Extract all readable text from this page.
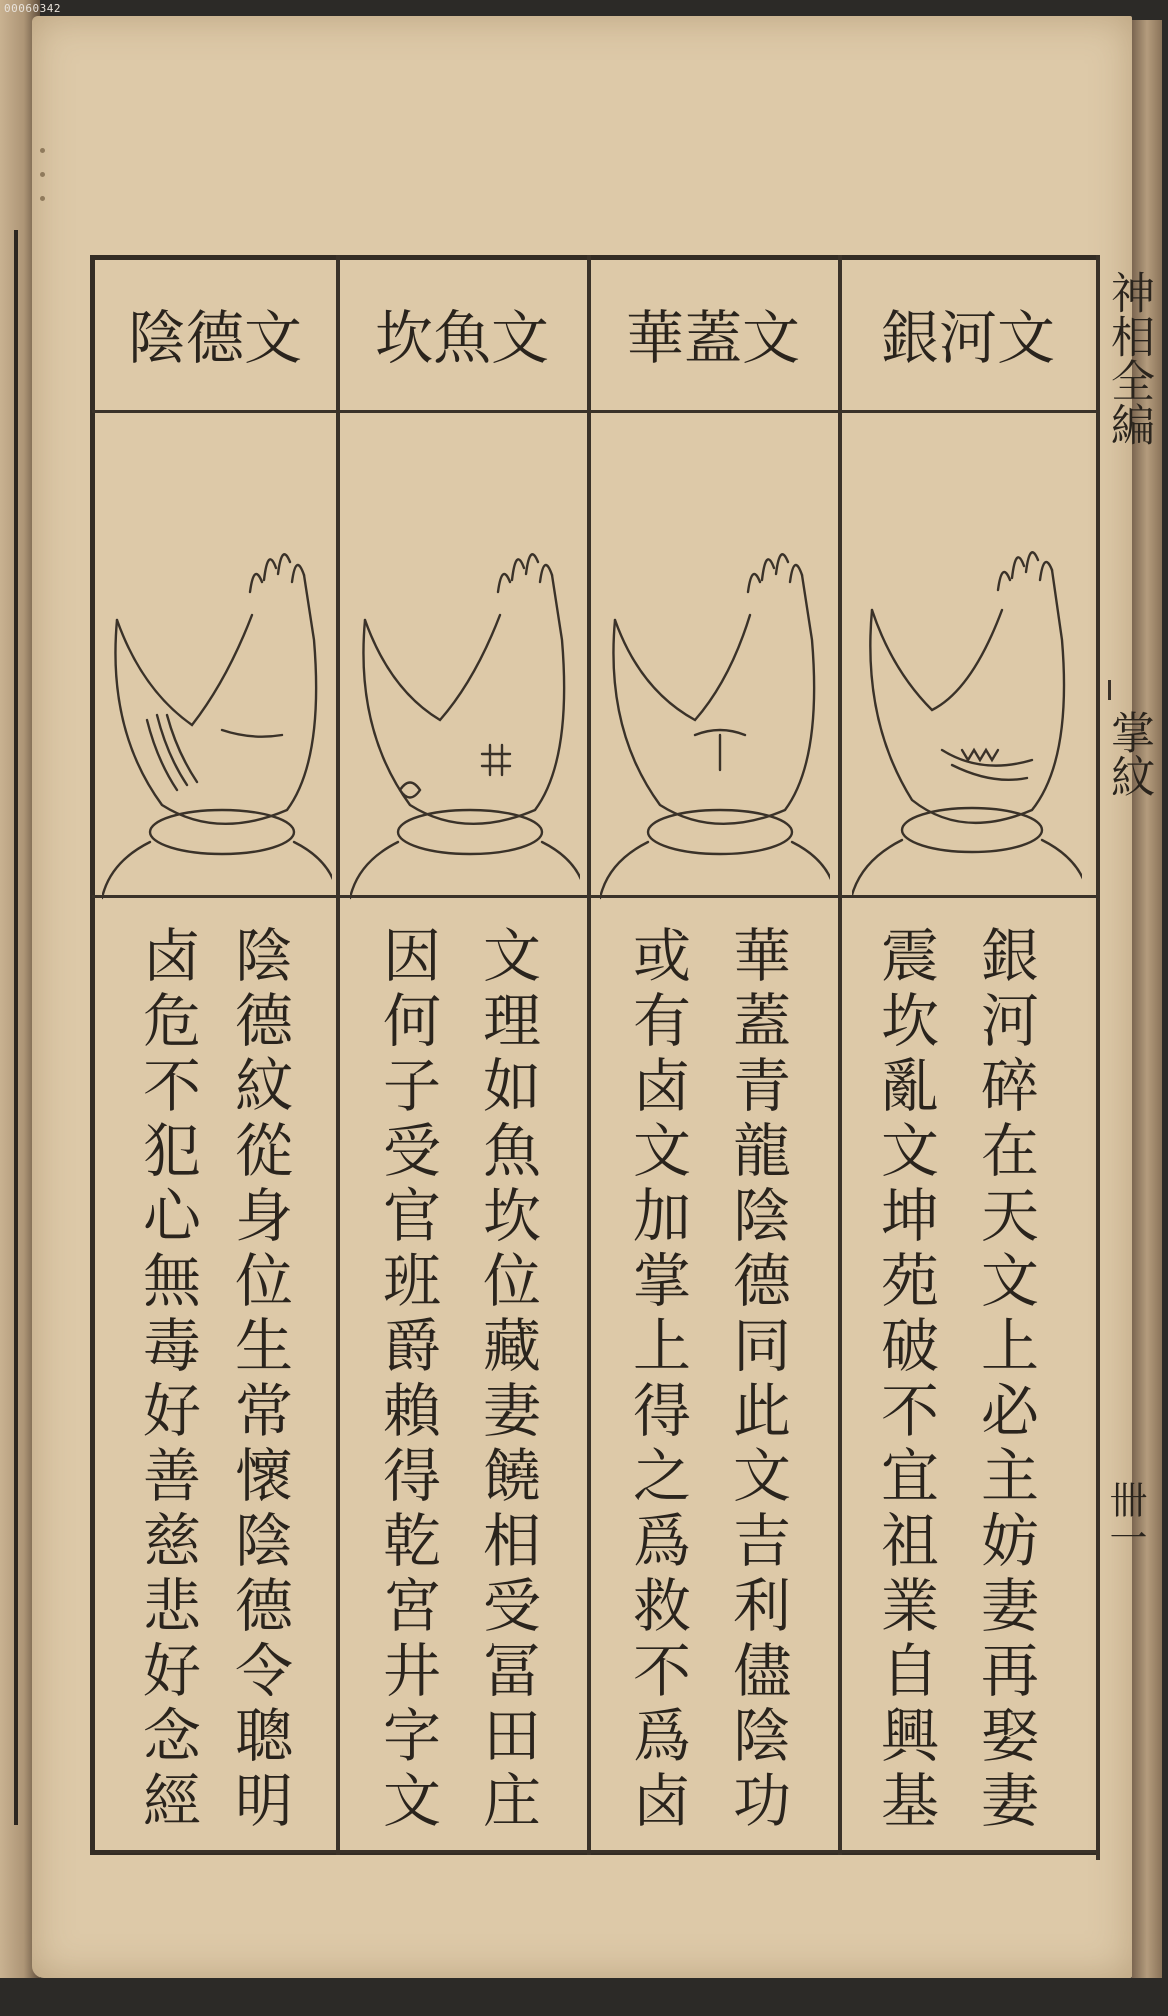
00060342
銀河文
銀河碎在天文上必主妨妻再娶妻
震坎亂文坤苑破不宜祖業自興基
華蓋文
華蓋青龍陰德同此文吉利儘陰功
或有卤文加掌上得之爲救不爲卤
坎魚文
文理如魚坎位藏妻饒相受冨田庄
因何子受官班爵賴得乾宮井字文
陰德文
陰德紋從身位生常懷陰德令聰明
卤危不犯心無毒好善慈悲好念經
神相全編
掌紋
卌一
